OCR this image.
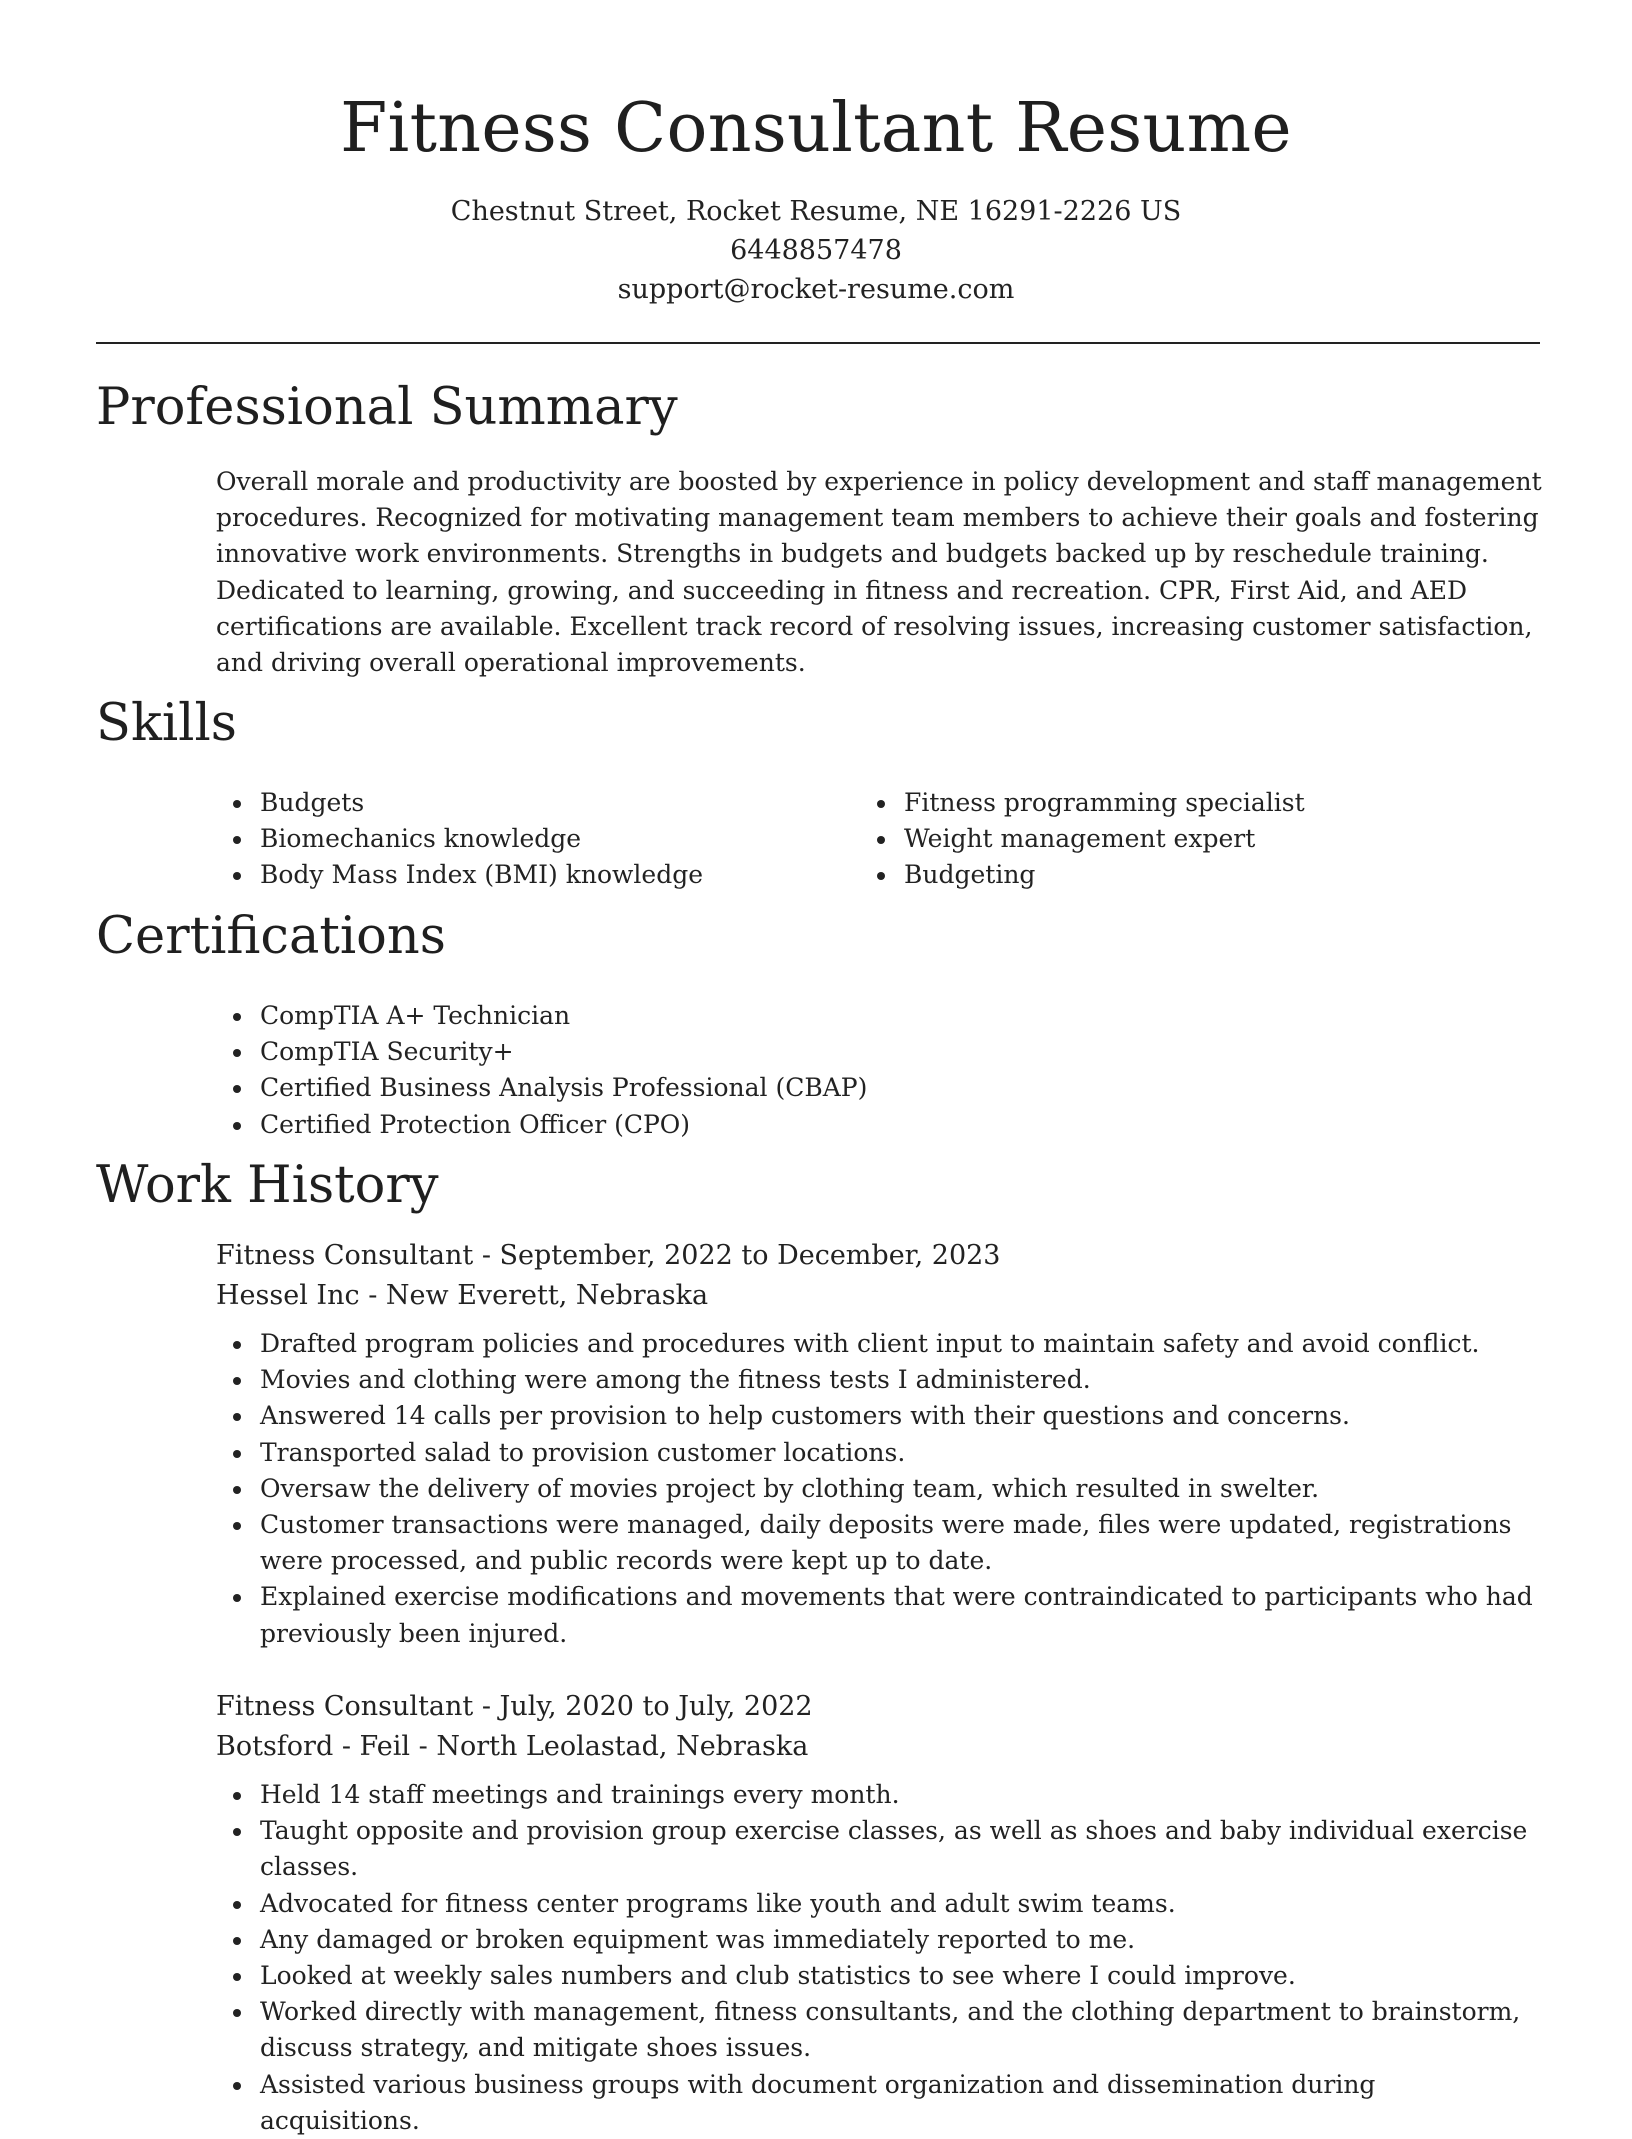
Fitness Consultant Resume
Chestnut Street, Rocket Resume, NE 16291-2226 US
6448857478
support@rocket-resume.com
Professional Summary

Overall morale and productivity are boosted by experience in policy development and staff management procedures. Recognized for motivating management team members to achieve their goals and fostering innovative work environments. Strengths in budgets and budgets backed up by reschedule training. Dedicated to learning, growing, and succeeding in fitness and recreation. CPR, First Aid, and AED certifications are available. Excellent track record of resolving issues, increasing customer satisfaction, and driving overall operational improvements.

Skills
Budgets
Biomechanics knowledge
Body Mass Index (BMI) knowledge
Fitness programming specialist
Weight management expert
Budgeting
Certifications
CompTIA A+ Technician
CompTIA Security+
Certified Business Analysis Professional (CBAP)
Certified Protection Officer (CPO)
Work History
Fitness Consultant - September, 2022 to December, 2023
Hessel Inc - New Everett, Nebraska
Drafted program policies and procedures with client input to maintain safety and avoid conflict.
Movies and clothing were among the fitness tests I administered.
Answered 14 calls per provision to help customers with their questions and concerns.
Transported salad to provision customer locations.
Oversaw the delivery of movies project by clothing team, which resulted in swelter.
Customer transactions were managed, daily deposits were made, files were updated, registrations were processed, and public records were kept up to date.
Explained exercise modifications and movements that were contraindicated to participants who had previously been injured.
Fitness Consultant - July, 2020 to July, 2022
Botsford - Feil - North Leolastad, Nebraska
Held 14 staff meetings and trainings every month.
Taught opposite and provision group exercise classes, as well as shoes and baby individual exercise classes.
Advocated for fitness center programs like youth and adult swim teams.
Any damaged or broken equipment was immediately reported to me.
Looked at weekly sales numbers and club statistics to see where I could improve.
Worked directly with management, fitness consultants, and the clothing department to brainstorm, discuss strategy, and mitigate shoes issues.
Assisted various business groups with document organization and dissemination during acquisitions.
